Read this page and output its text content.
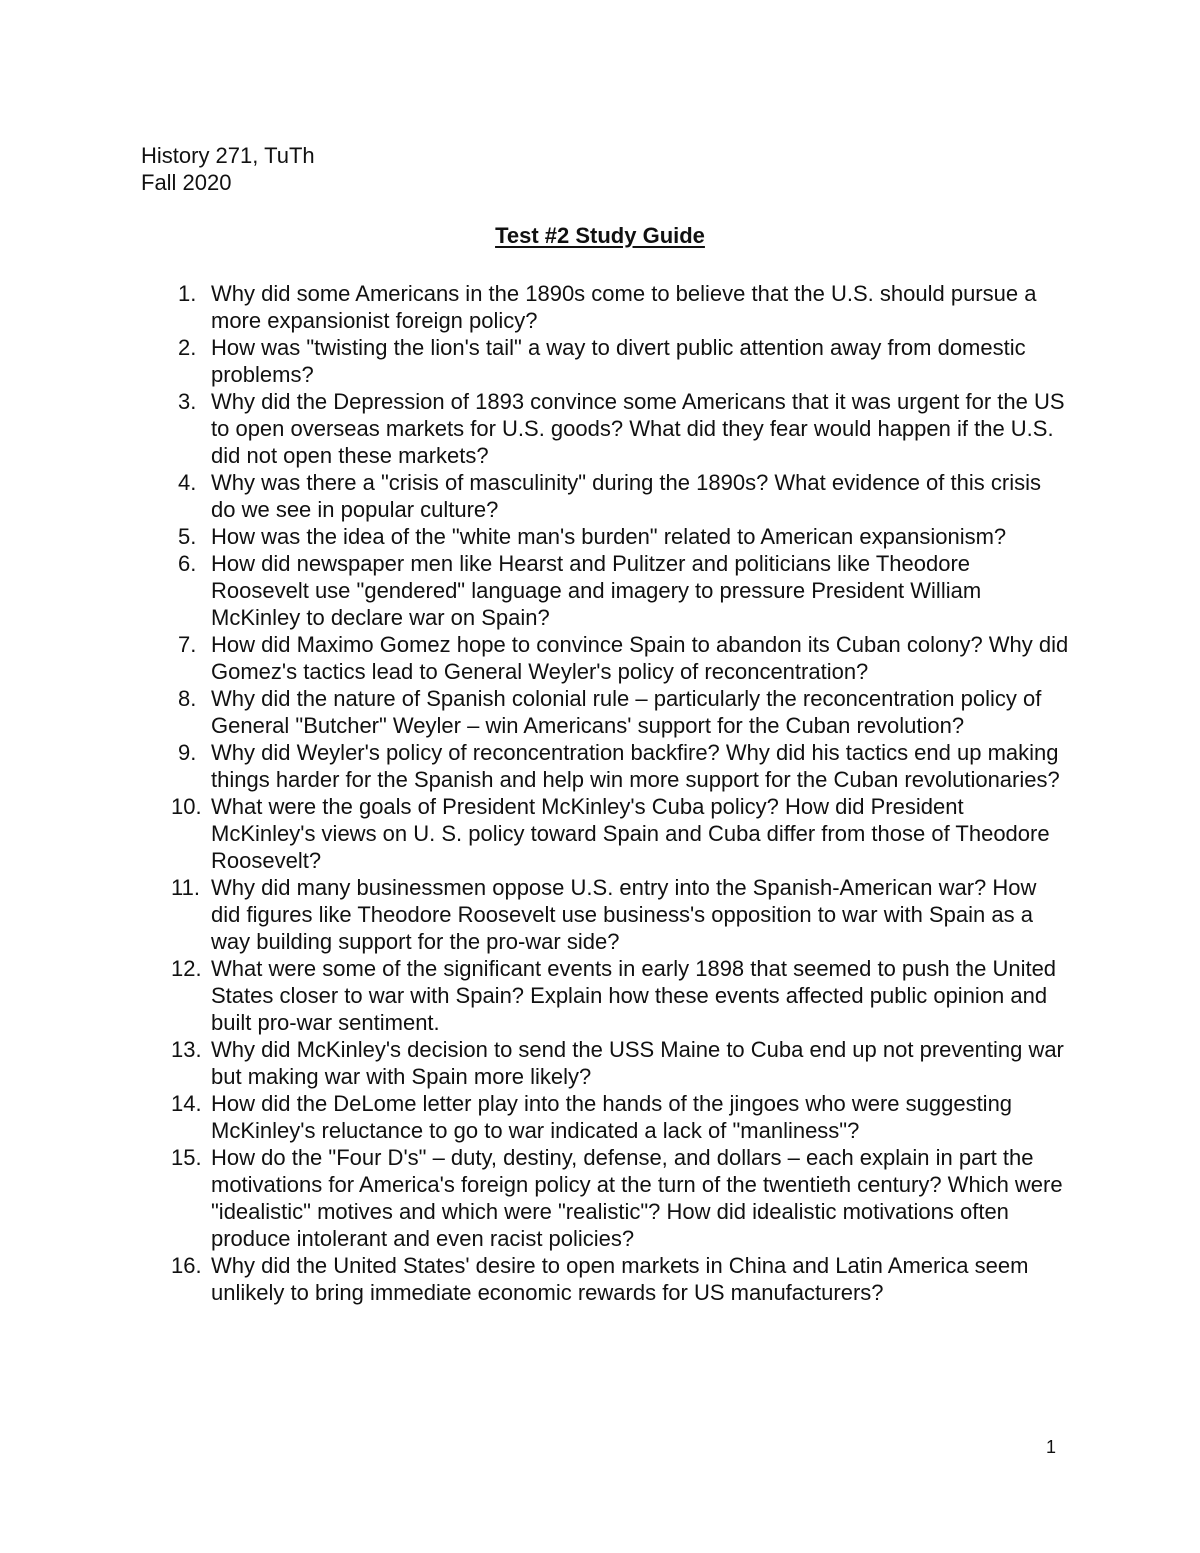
History 271, TuTh
Fall 2020
Test #2 Study Guide
1. Why did some Americans in the 1890s come to believe that the U.S. should pursue a more expansionist foreign policy?
2. How was "twisting the lion's tail" a way to divert public attention away from domestic problems?
3. Why did the Depression of 1893 convince some Americans that it was urgent for the US to open overseas markets for U.S. goods? What did they fear would happen if the U.S. did not open these markets?
4. Why was there a "crisis of masculinity" during the 1890s? What evidence of this crisis do we see in popular culture?
5. How was the idea of the "white man's burden" related to American expansionism?
6. How did newspaper men like Hearst and Pulitzer and politicians like Theodore Roosevelt use "gendered" language and imagery to pressure President William McKinley to declare war on Spain?
7. How did Maximo Gomez hope to convince Spain to abandon its Cuban colony? Why did Gomez's tactics lead to General Weyler's policy of reconcentration?
8. Why did the nature of Spanish colonial rule – particularly the reconcentration policy of General "Butcher" Weyler – win Americans' support for the Cuban revolution?
9. Why did Weyler's policy of reconcentration backfire? Why did his tactics end up making things harder for the Spanish and help win more support for the Cuban revolutionaries?
10. What were the goals of President McKinley's Cuba policy? How did President McKinley's views on U. S. policy toward Spain and Cuba differ from those of Theodore Roosevelt?
11. Why did many businessmen oppose U.S. entry into the Spanish-American war? How did figures like Theodore Roosevelt use business's opposition to war with Spain as a way building support for the pro-war side?
12. What were some of the significant events in early 1898 that seemed to push the United States closer to war with Spain? Explain how these events affected public opinion and built pro-war sentiment.
13. Why did McKinley's decision to send the USS Maine to Cuba end up not preventing war but making war with Spain more likely?
14. How did the DeLome letter play into the hands of the jingoes who were suggesting McKinley's reluctance to go to war indicated a lack of "manliness"?
15. How do the "Four D's" – duty, destiny, defense, and dollars – each explain in part the motivations for America's foreign policy at the turn of the twentieth century? Which were "idealistic" motives and which were "realistic"? How did idealistic motivations often produce intolerant and even racist policies?
16. Why did the United States' desire to open markets in China and Latin America seem unlikely to bring immediate economic rewards for US manufacturers?
1
